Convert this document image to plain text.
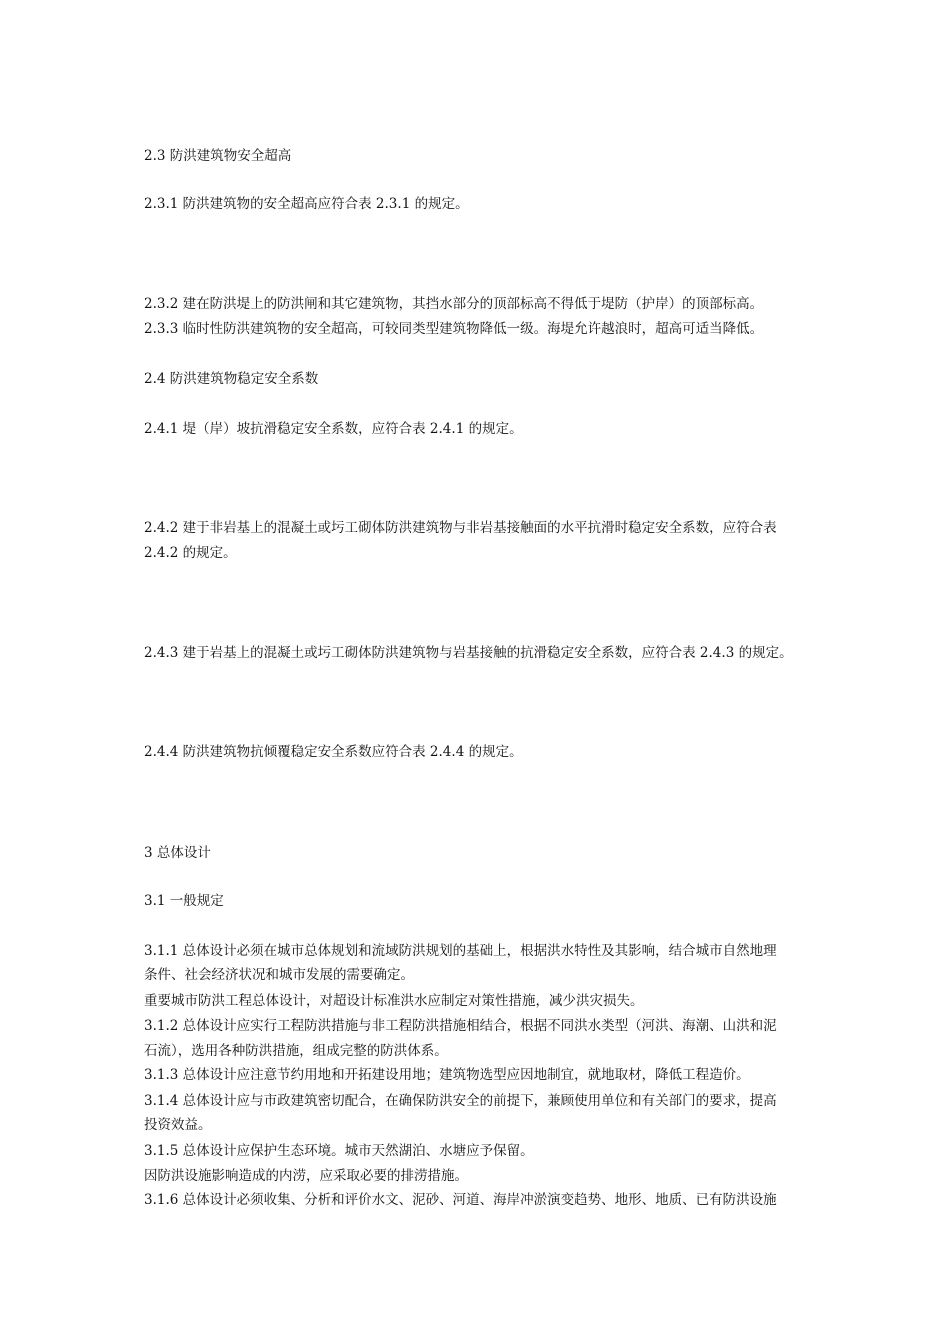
2.3 防洪建筑物安全超高
2.3.1 防洪建筑物的安全超高应符合表 2.3.1 的规定。
2.3.2 建在防洪堤上的防洪闸和其它建筑物，其挡水部分的顶部标高不得低于堤防（护岸）的顶部标高。
2.3.3 临时性防洪建筑物的安全超高，可较同类型建筑物降低一级。海堤允许越浪时，超高可适当降低。
2.4 防洪建筑物稳定安全系数
2.4.1 堤（岸）坡抗滑稳定安全系数，应符合表 2.4.1 的规定。
2.4.2 建于非岩基上的混凝土或圬工砌体防洪建筑物与非岩基接触面的水平抗滑时稳定安全系数，应符合表
2.4.2 的规定。
2.4.3 建于岩基上的混凝土或圬工砌体防洪建筑物与岩基接触的抗滑稳定安全系数，应符合表 2.4.3 的规定。
2.4.4 防洪建筑物抗倾覆稳定安全系数应符合表 2.4.4 的规定。
3 总体设计
3.1 一般规定
3.1.1 总体设计必须在城市总体规划和流域防洪规划的基础上，根据洪水特性及其影响，结合城市自然地理
条件、社会经济状况和城市发展的需要确定。
重要城市防洪工程总体设计，对超设计标准洪水应制定对策性措施，减少洪灾损失。
3.1.2 总体设计应实行工程防洪措施与非工程防洪措施相结合，根据不同洪水类型（河洪、海潮、山洪和泥
石流），选用各种防洪措施，组成完整的防洪体系。
3.1.3 总体设计应注意节约用地和开拓建设用地；建筑物选型应因地制宜，就地取材，降低工程造价。
3.1.4 总体设计应与市政建筑密切配合，在确保防洪安全的前提下，兼顾使用单位和有关部门的要求，提高
投资效益。
3.1.5 总体设计应保护生态环境。城市天然湖泊、水塘应予保留。
因防洪设施影响造成的内涝，应采取必要的排涝措施。
3.1.6 总体设计必须收集、分析和评价水文、泥砂、河道、海岸冲淤演变趋势、地形、地质、已有防洪设施
